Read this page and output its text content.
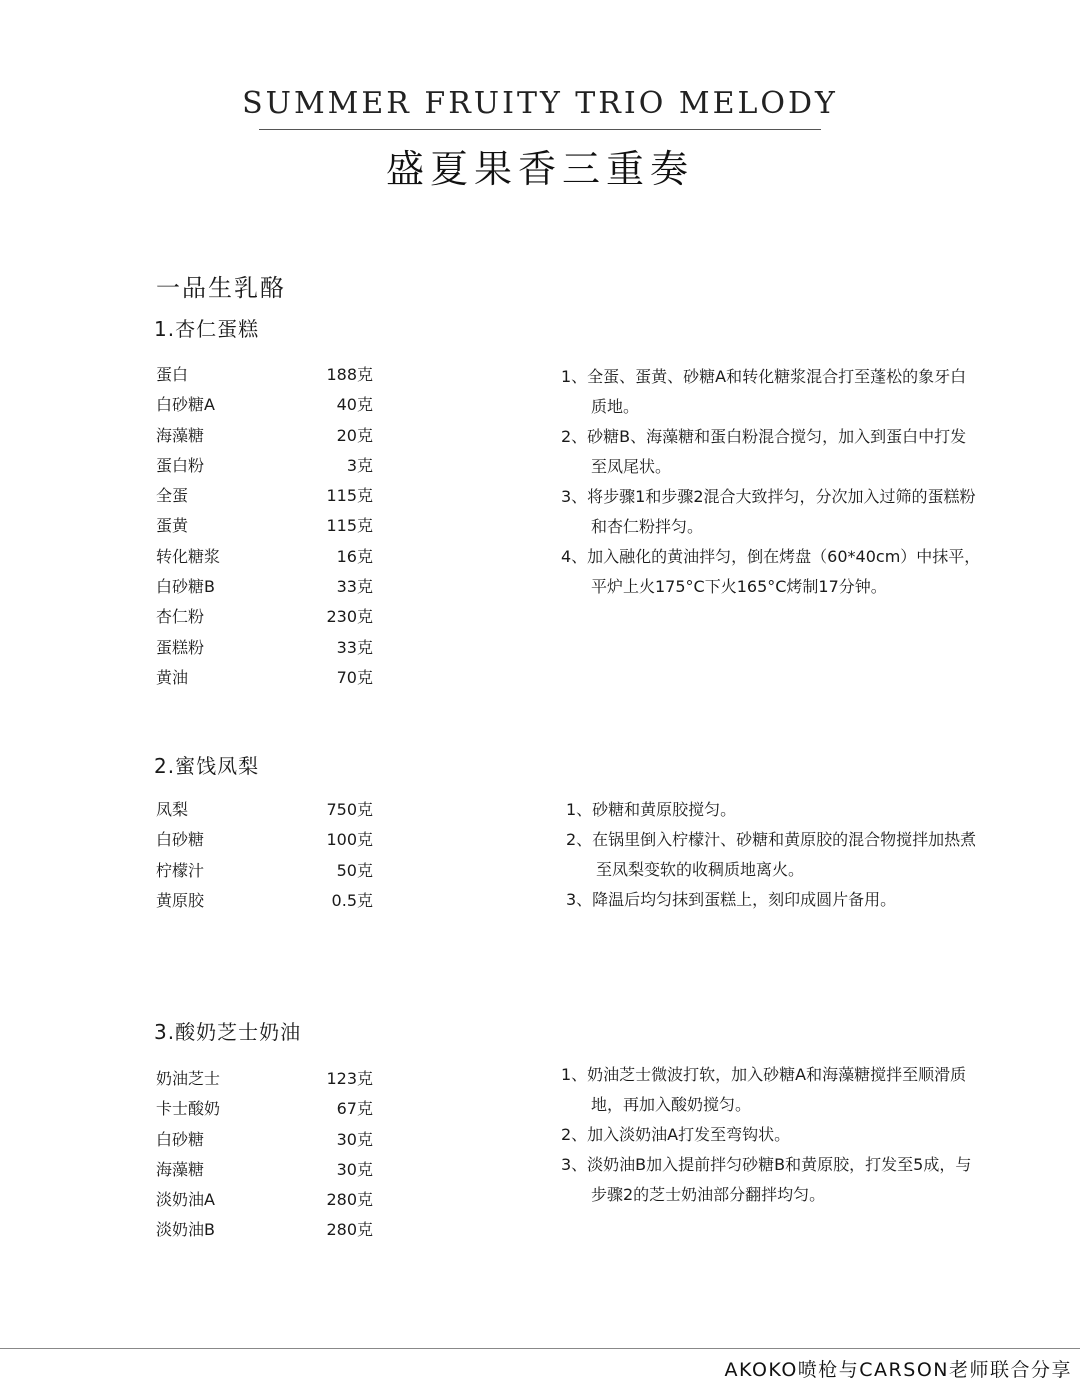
SUMMER FRUITY TRIO MELODY
盛夏果香三重奏
一品生乳酪
1.杏仁蛋糕
蛋白	188克
白砂糖A	40克
海藻糖	20克
蛋白粉	3克
全蛋	115克
蛋黄	115克
转化糖浆	16克
白砂糖B	33克
杏仁粉	230克
蛋糕粉	33克
黄油	70克
1、全蛋、蛋黄、砂糖A和转化糖浆混合打至蓬松的象牙白质地。
2、砂糖B、海藻糖和蛋白粉混合搅匀，加入到蛋白中打发至凤尾状。
3、将步骤1和步骤2混合大致拌匀，分次加入过筛的蛋糕粉和杏仁粉拌匀。
4、加入融化的黄油拌匀，倒在烤盘（60*40cm）中抹平，平炉上火175°C下火165°C烤制17分钟。
2.蜜饯凤梨
凤梨	750克
白砂糖	100克
柠檬汁	50克
黄原胶	0.5克
1、砂糖和黄原胶搅匀。
2、在锅里倒入柠檬汁、砂糖和黄原胶的混合物搅拌加热煮至凤梨变软的收稠质地离火。
3、降温后均匀抹到蛋糕上，刻印成圆片备用。
3.酸奶芝士奶油
奶油芝士	123克
卡士酸奶	67克
白砂糖	30克
海藻糖	30克
淡奶油A	280克
淡奶油B	280克
1、奶油芝士微波打软，加入砂糖A和海藻糖搅拌至顺滑质地，再加入酸奶搅匀。
2、加入淡奶油A打发至弯钩状。
3、淡奶油B加入提前拌匀砂糖B和黄原胶，打发至5成，与步骤2的芝士奶油部分翻拌均匀。
AKOKO喷枪与CARSON老师联合分享
